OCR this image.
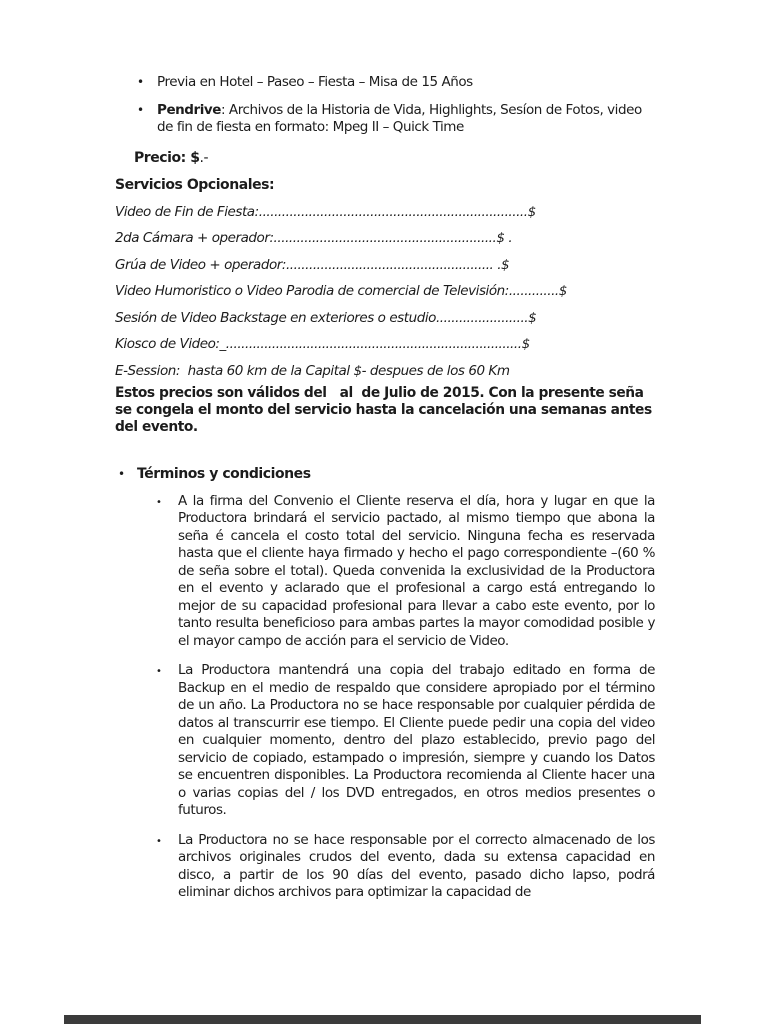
• Previa en Hotel – Paseo – Fiesta – Misa de 15 Años
• Pendrive: Archivos de la Historia de Vida, Highlights, Sesíon de Fotos, video de fin de fiesta en formato: Mpeg II – Quick Time
Precio: $.-
Servicios Opcionales:
Video de Fin de Fiesta:......................................................................$
2da Cámara + operador:..........................................................$ .
Grúa de Video + operador:...................................................... .$
Video Humoristico o Video Parodia de comercial de Televisión:.............$
Sesión de Video Backstage en exteriores o estudio........................$
Kiosco de Video:_.............................................................................$
E-Session:  hasta 60 km de la Capital $- despues de los 60 Km
Estos precios son válidos del   al  de Julio de 2015. Con la presente seña se congela el monto del servicio hasta la cancelación una semanas antes del evento.
• Términos y condiciones
• A la firma del Convenio el Cliente reserva el día, hora y lugar en que la Productora brindará el servicio pactado, al mismo tiempo que abona la seña é cancela el costo total del servicio. Ninguna fecha es reservada hasta que el cliente haya firmado y hecho el pago correspondiente –(60 % de seña sobre el total). Queda convenida la exclusividad de la Productora en el evento y aclarado que el profesional a cargo está entregando lo mejor de su capacidad profesional para llevar a cabo este evento, por lo tanto resulta beneficioso para ambas partes la mayor comodidad posible y el mayor campo de acción para el servicio de Video.

• La Productora mantendrá una copia del trabajo editado en forma de Backup en el medio de respaldo que considere apropiado por el término de un año. La Productora no se hace responsable por cualquier pérdida de datos al transcurrir ese tiempo. El Cliente puede pedir una copia del video en cualquier momento, dentro del plazo establecido, previo pago del servicio de copiado, estampado o impresión, siempre y cuando los Datos se encuentren disponibles. La Productora recomienda al Cliente hacer una o varias copias del / los DVD entregados, en otros medios presentes o futuros.

• La Productora no se hace responsable por el correcto almacenado de los archivos originales crudos del evento, dada su extensa capacidad en disco, a partir de los 90 días del evento, pasado dicho lapso, podrá eliminar dichos archivos para optimizar la capacidad de
